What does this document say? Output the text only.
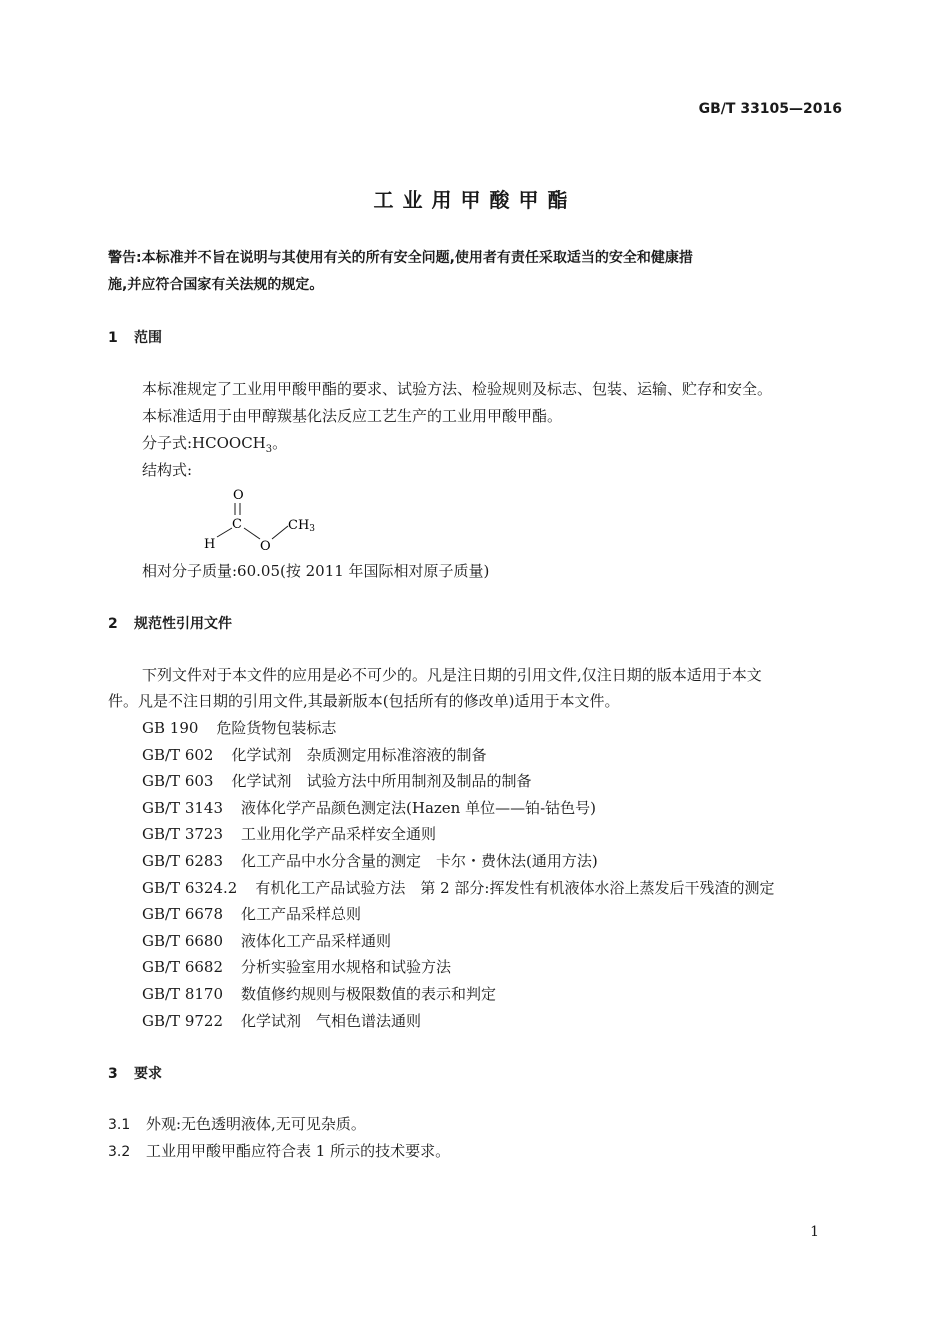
GB/T 33105—2016
工业用甲酸甲酯
警告:本标准并不旨在说明与其使用有关的所有安全问题,使用者有责任采取适当的安全和健康措
施,并应符合国家有关法规的规定。
1 范围
本标准规定了工业用甲酸甲酯的要求、试验方法、检验规则及标志、包装、运输、贮存和安全。
本标准适用于由甲醇羰基化法反应工艺生产的工业用甲酸甲酯。
分子式$:HCOOCH_3$。
结构式:
O
C
H	O
CH3
相对分子质量:60.05(按 2011 年国际相对原子质量)
2 规范性引用文件
下列文件对于本文件的应用是必不可少的。凡是注日期的引用文件,仅注日期的版本适用于本文
件。凡是不注日期的引用文件,其最新版本(包括所有的修改单)适用于本文件。
GB 190 危险货物包装标志
GB/T 602 化学试剂　杂质测定用标准溶液的制备
GB/T 603 化学试剂　试验方法中所用制剂及制品的制备
GB/T 3143 液体化学产品颜色测定法(Hazen 单位——铂-钴色号)
GB/T 3723 工业用化学产品采样安全通则
GB/T 6283 化工产品中水分含量的测定　卡尔・费休法(通用方法)
GB/T 6324.2 有机化工产品试验方法　第 2 部分:挥发性有机液体水浴上蒸发后干残渣的测定
GB/T 6678 化工产品采样总则
GB/T 6680 液体化工产品采样通则
GB/T 6682 分析实验室用水规格和试验方法
GB/T 8170 数值修约规则与极限数值的表示和判定
GB/T 9722 化学试剂　气相色谱法通则
3 要求
3.1 外观:无色透明液体,无可见杂质。
3.2 工业用甲酸甲酯应符合表 1 所示的技术要求。
1
